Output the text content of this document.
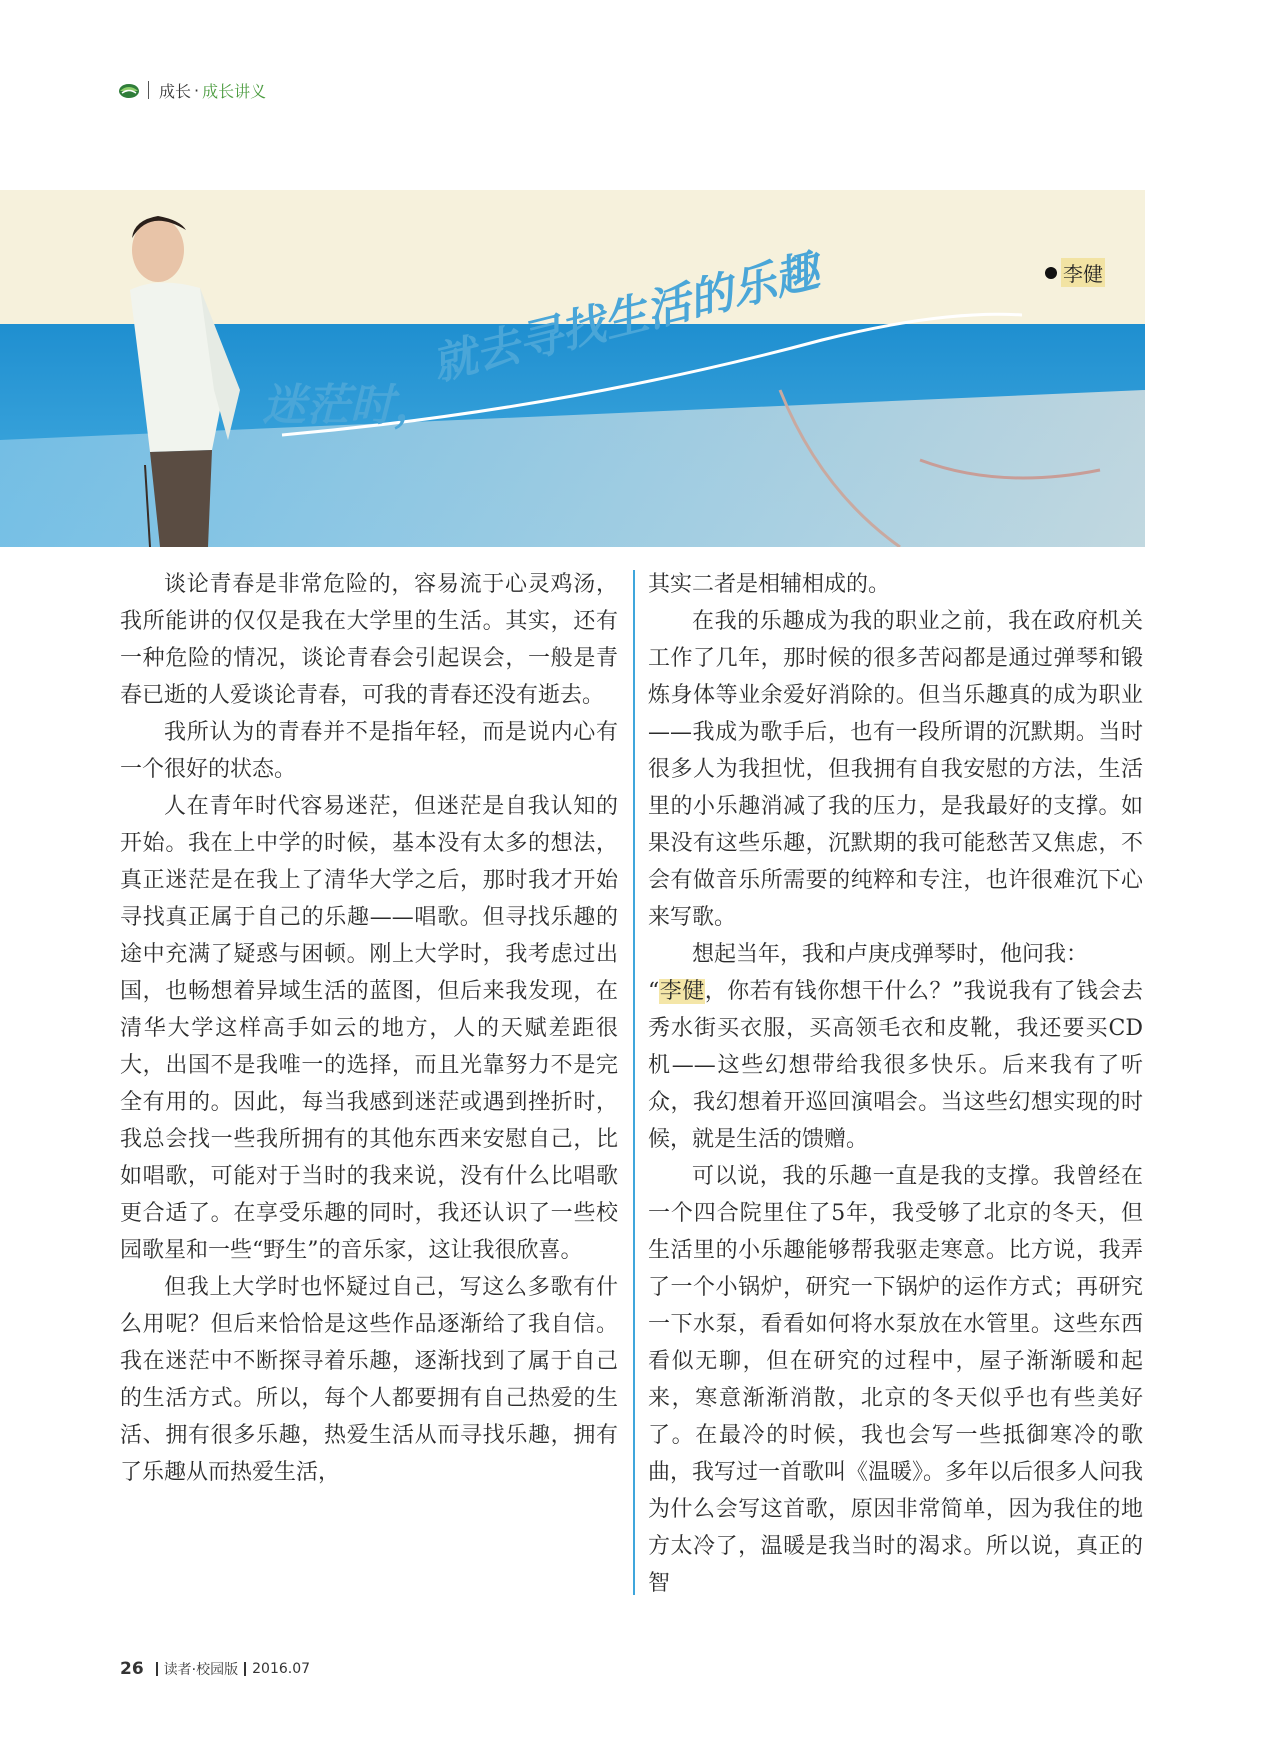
成长 · 成长讲义
迷茫时，
就去寻找生活的乐趣	李健

谈论青春是非常危险的，容易流于心灵鸡汤，我所能讲的仅仅是我在大学里的生活。其实，还有一种危险的情况，谈论青春会引起误会，一般是青春已逝的人爱谈论青春，可我的青春还没有逝去。

我所认为的青春并不是指年轻，而是说内心有一个很好的状态。

人在青年时代容易迷茫，但迷茫是自我认知的开始。我在上中学的时候，基本没有太多的想法，真正迷茫是在我上了清华大学之后，那时我才开始寻找真正属于自己的乐趣——唱歌。但寻找乐趣的途中充满了疑惑与困顿。刚上大学时，我考虑过出国，也畅想着异域生活的蓝图，但后来我发现，在清华大学这样高手如云的地方，人的天赋差距很大，出国不是我唯一的选择，而且光靠努力不是完全有用的。因此，每当我感到迷茫或遇到挫折时，我总会找一些我所拥有的其他东西来安慰自己，比如唱歌，可能对于当时的我来说，没有什么比唱歌更合适了。在享受乐趣的同时，我还认识了一些校园歌星和一些“野生”的音乐家，这让我很欣喜。

但我上大学时也怀疑过自己，写这么多歌有什么用呢？但后来恰恰是这些作品逐渐给了我自信。我在迷茫中不断探寻着乐趣，逐渐找到了属于自己的生活方式。所以，每个人都要拥有自己热爱的生活、拥有很多乐趣，热爱生活从而寻找乐趣，拥有了乐趣从而热爱生活，

其实二者是相辅相成的。

在我的乐趣成为我的职业之前，我在政府机关工作了几年，那时候的很多苦闷都是通过弹琴和锻炼身体等业余爱好消除的。但当乐趣真的成为职业——我成为歌手后，也有一段所谓的沉默期。当时很多人为我担忧，但我拥有自我安慰的方法，生活里的小乐趣消减了我的压力，是我最好的支撑。如果没有这些乐趣，沉默期的我可能愁苦又焦虑，不会有做音乐所需要的纯粹和专注，也许很难沉下心来写歌。

想起当年，我和卢庚戌弹琴时，他问我：

“李健，你若有钱你想干什么？”我说我有了钱会去秀水街买衣服，买高领毛衣和皮靴，我还要买CD机——这些幻想带给我很多快乐。后来我有了听众，我幻想着开巡回演唱会。当这些幻想实现的时候，就是生活的馈赠。

可以说，我的乐趣一直是我的支撑。我曾经在一个四合院里住了5年，我受够了北京的冬天，但生活里的小乐趣能够帮我驱走寒意。比方说，我弄了一个小锅炉，研究一下锅炉的运作方式；再研究一下水泵，看看如何将水泵放在水管里。这些东西看似无聊，但在研究的过程中，屋子渐渐暖和起来，寒意渐渐消散，北京的冬天似乎也有些美好了。在最冷的时候，我也会写一些抵御寒冷的歌曲，我写过一首歌叫《温暖》。多年以后很多人问我为什么会写这首歌，原因非常简单，因为我住的地方太冷了，温暖是我当时的渴求。所以说，真正的智

26 读者·校园版 2016.07
